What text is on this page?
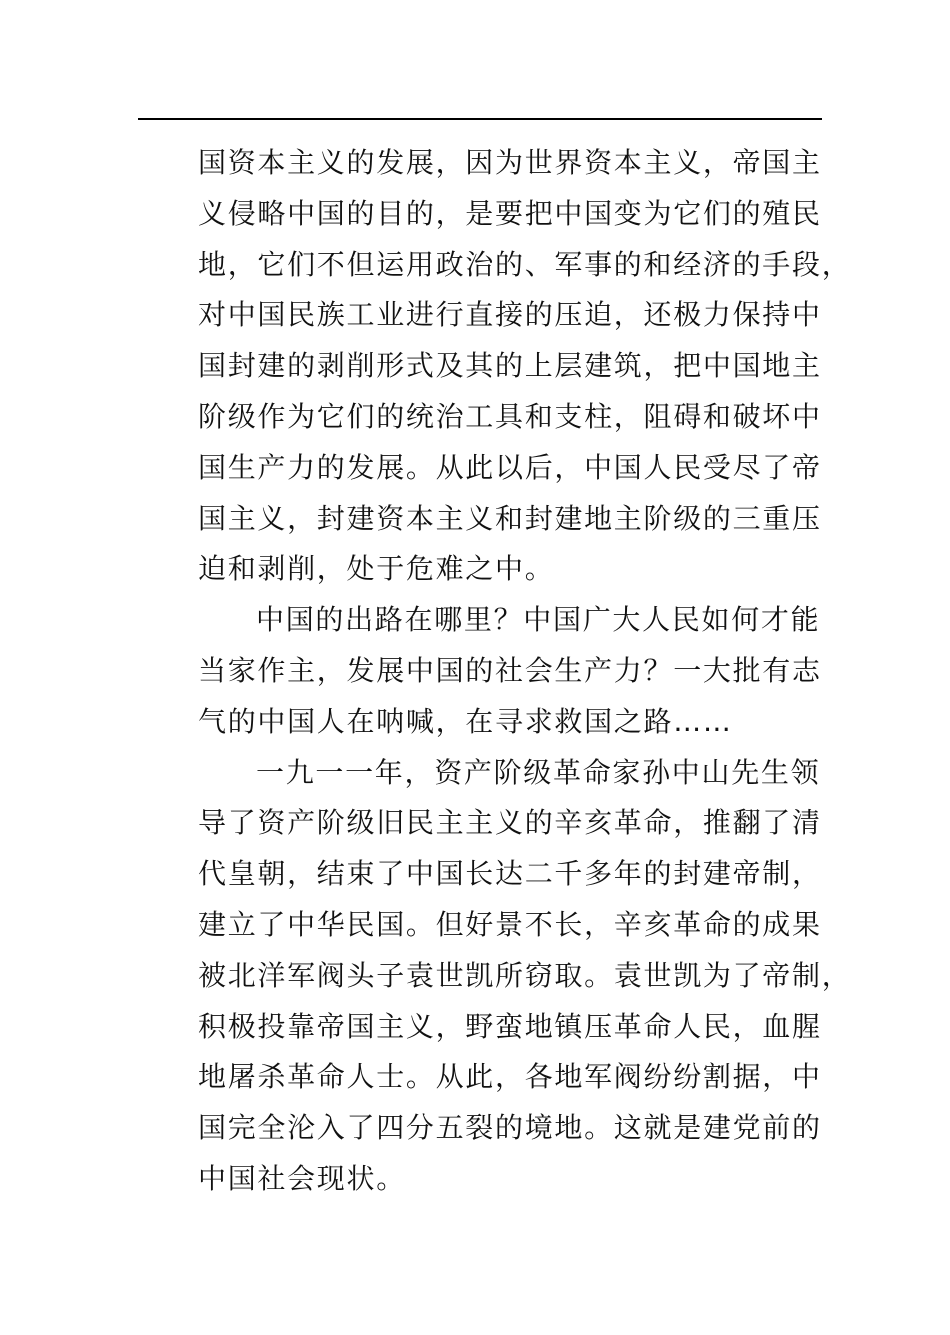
国资本主义的发展，因为世界资本主义，帝国主
义侵略中国的目的，是要把中国变为它们的殖民
地，它们不但运用政治的、军事的和经济的手段，
对中国民族工业进行直接的压迫，还极力保持中
国封建的剥削形式及其的上层建筑，把中国地主
阶级作为它们的统治工具和支柱，阻碍和破坏中
国生产力的发展。从此以后，中国人民受尽了帝
国主义，封建资本主义和封建地主阶级的三重压
迫和剥削，处于危难之中。
中国的出路在哪里？中国广大人民如何才能
当家作主，发展中国的社会生产力？一大批有志
气的中国人在呐喊，在寻求救国之路……
一九一一年，资产阶级革命家孙中山先生领
导了资产阶级旧民主主义的辛亥革命，推翻了清
代皇朝，结束了中国长达二千多年的封建帝制，
建立了中华民国。但好景不长，辛亥革命的成果
被北洋军阀头子袁世凯所窃取。袁世凯为了帝制，
积极投靠帝国主义，野蛮地镇压革命人民，血腥
地屠杀革命人士。从此，各地军阀纷纷割据，中
国完全沦入了四分五裂的境地。这就是建党前的
中国社会现状。
